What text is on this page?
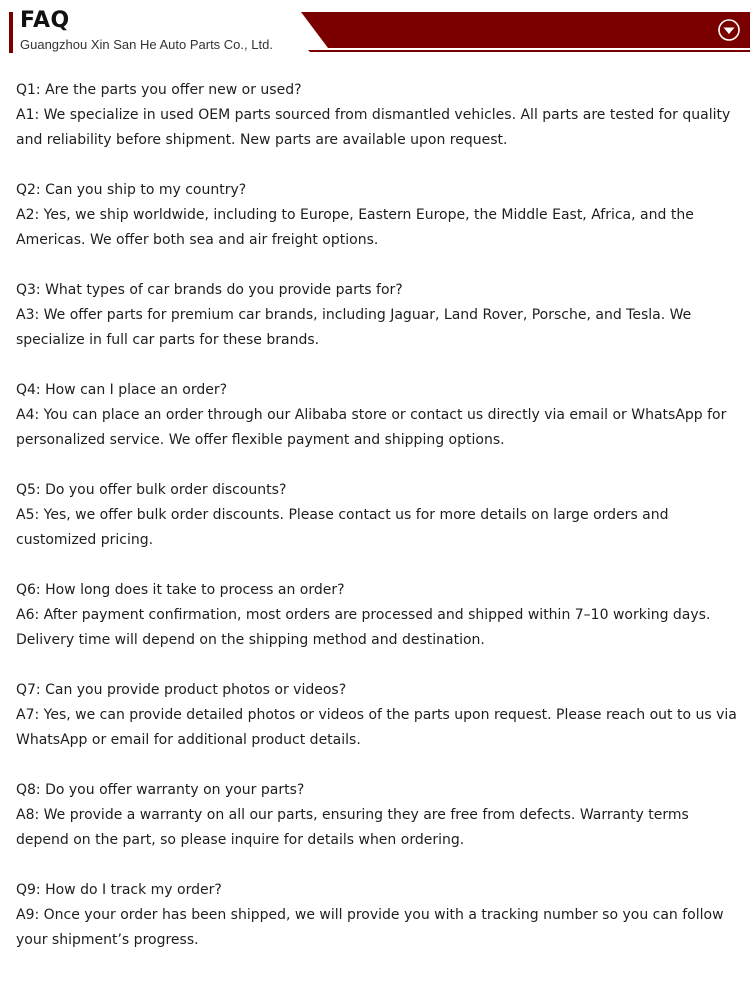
FAQ
Guangzhou Xin San He Auto Parts Co., Ltd.

Q1: Are the parts you offer new or used?

A1: We specialize in used OEM parts sourced from dismantled vehicles. All parts are tested for quality and reliability before shipment. New parts are available upon request.

Q2: Can you ship to my country?

A2: Yes, we ship worldwide, including to Europe, Eastern Europe, the Middle East, Africa, and the Americas. We offer both sea and air freight options.

Q3: What types of car brands do you provide parts for?

A3: We offer parts for premium car brands, including Jaguar, Land Rover, Porsche, and Tesla. We specialize in full car parts for these brands.

Q4: How can I place an order?

A4: You can place an order through our Alibaba store or contact us directly via email or WhatsApp for personalized service. We offer flexible payment and shipping options.

Q5: Do you offer bulk order discounts?

A5: Yes, we offer bulk order discounts. Please contact us for more details on large orders and customized pricing.

Q6: How long does it take to process an order?

A6: After payment confirmation, most orders are processed and shipped within 7–10 working days. Delivery time will depend on the shipping method and destination.

Q7: Can you provide product photos or videos?

A7: Yes, we can provide detailed photos or videos of the parts upon request. Please reach out to us via WhatsApp or email for additional product details.

Q8: Do you offer warranty on your parts?

A8: We provide a warranty on all our parts, ensuring they are free from defects. Warranty terms depend on the part, so please inquire for details when ordering.

Q9: How do I track my order?

A9: Once your order has been shipped, we will provide you with a tracking number so you can follow your shipment’s progress.
